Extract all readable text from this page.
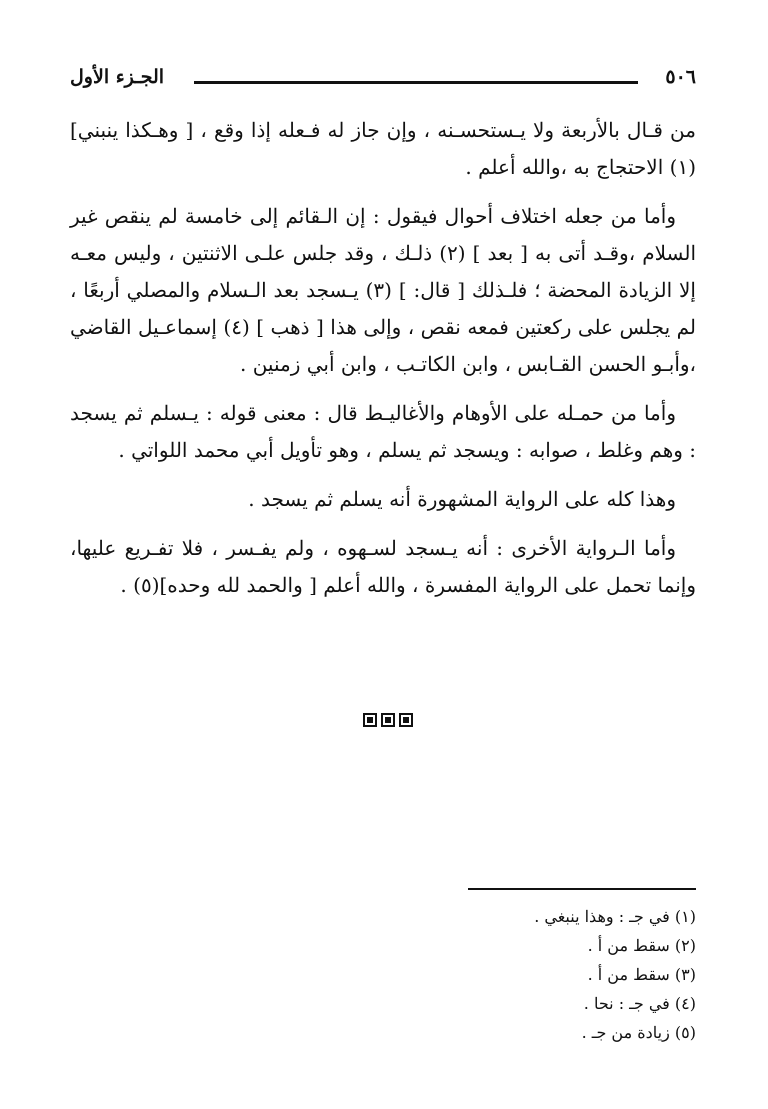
٥٠٦
الجـزء الأول

من قـال بالأربعة ولا يـستحسـنه ، وإن جاز له فـعله إذا وقع ، [ وهـكذا ينبني](١) الاحتجاج به ،والله أعلم .

وأما من جعله اختلاف أحوال فيقول : إن الـقائم إلى خامسة لم ينقص غير السلام ،وقـد أتى به [ بعد ] (٢) ذلـك ، وقد جلس علـى الاثنتين ، وليس معـه إلا الزيادة المحضة ؛ فلـذلك [ قال: ] (٣) يـسجد بعد الـسلام والمصلي أربعًا ، لم يجلس على ركعتين فمعه نقص ، وإلى هذا [ ذهب ] (٤) إسماعـيل القاضي ،وأبـو الحسن القـابس ، وابن الكاتـب ، وابن أبي زمنين .

وأما من حمـله على الأوهام والأغاليـط قال : معنى قوله : يـسلم ثم يسجد : وهم وغلط ، صوابه : ويسجد ثم يسلم ، وهو تأويل أبي محمد اللواتي .

وهذا كله على الرواية المشهورة أنه يسلم ثم يسجد .

وأما الـرواية الأخرى : أنه يـسجد لسـهوه ، ولم يفـسر ، فلا تفـريع عليها، وإنما تحمل على الرواية المفسرة ، والله أعلم [ والحمد لله وحده](٥) .

(١) في جـ : وهذا ينبغي .

(٢) سقط من أ .

(٣) سقط من أ .

(٤) في جـ : نحا .

(٥) زيادة من جـ .
